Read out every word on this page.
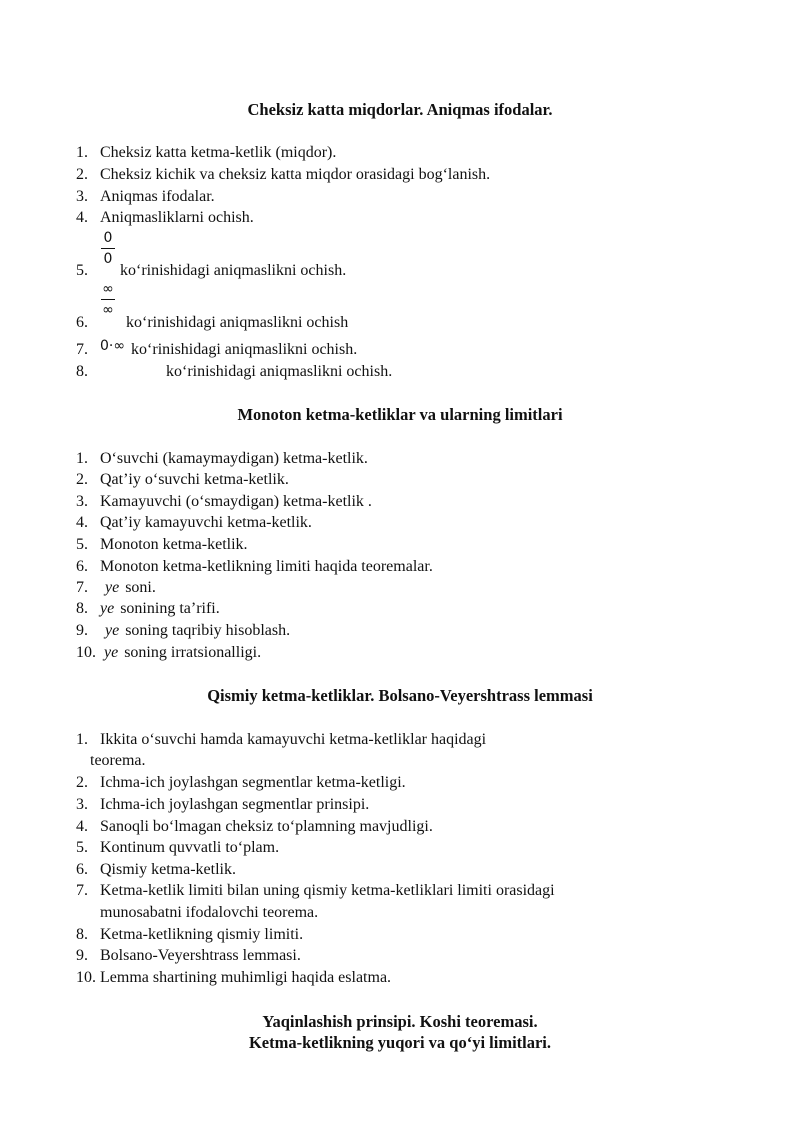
Cheksiz katta miqdorlar. Aniqmas ifodalar.
1. Cheksiz katta ketma-ketlik (miqdor).
2. Cheksiz kichik va cheksiz katta miqdor orasidagi bog‘lanish.
3. Aniqmas ifodalar.
4. Aniqmasliklarni ochish.
0
0
5. ko‘rinishidagi aniqmaslikni ochish.
∞
∞
6. ko‘rinishidagi aniqmaslikni ochish
7. 0·∞ ko‘rinishidagi aniqmaslikni ochish.
8.	ko‘rinishidagi aniqmaslikni ochish.
Monoton ketma-ketliklar va ularning limitlari
1. O‘suvchi (kamaymaydigan) ketma-ketlik.
2. Qat’iy o‘suvchi ketma-ketlik.
3. Kamayuvchi (o‘smaydigan) ketma-ketlik .
4. Qat’iy kamayuvchi ketma-ketlik.
5. Monoton ketma-ketlik.
6. Monoton ketma-ketlikning limiti haqida teoremalar.
7. ye soni.
8. ye sonining ta’rifi.
9. ye soning taqribiy hisoblash.
10. ye soning irratsionalligi.
Qismiy ketma-ketliklar. Bolsano-Veyershtrass lemmasi
1. Ikkita o‘suvchi hamda kamayuvchi ketma-ketliklar haqidagi
teorema.
2. Ichma-ich joylashgan segmentlar ketma-ketligi.
3. Ichma-ich joylashgan segmentlar prinsipi.
4. Sanoqli bo‘lmagan cheksiz to‘plamning mavjudligi.
5. Kontinum quvvatli to‘plam.
6. Qismiy ketma-ketlik.
7. Ketma-ketlik limiti bilan uning qismiy ketma-ketliklari limiti orasidagi
munosabatni ifodalovchi teorema.
8. Ketma-ketlikning qismiy limiti.
9. Bolsano-Veyershtrass lemmasi.
10. Lemma shartining muhimligi haqida eslatma.
Yaqinlashish prinsipi. Koshi teoremasi.
Ketma-ketlikning yuqori va qo‘yi limitlari.
